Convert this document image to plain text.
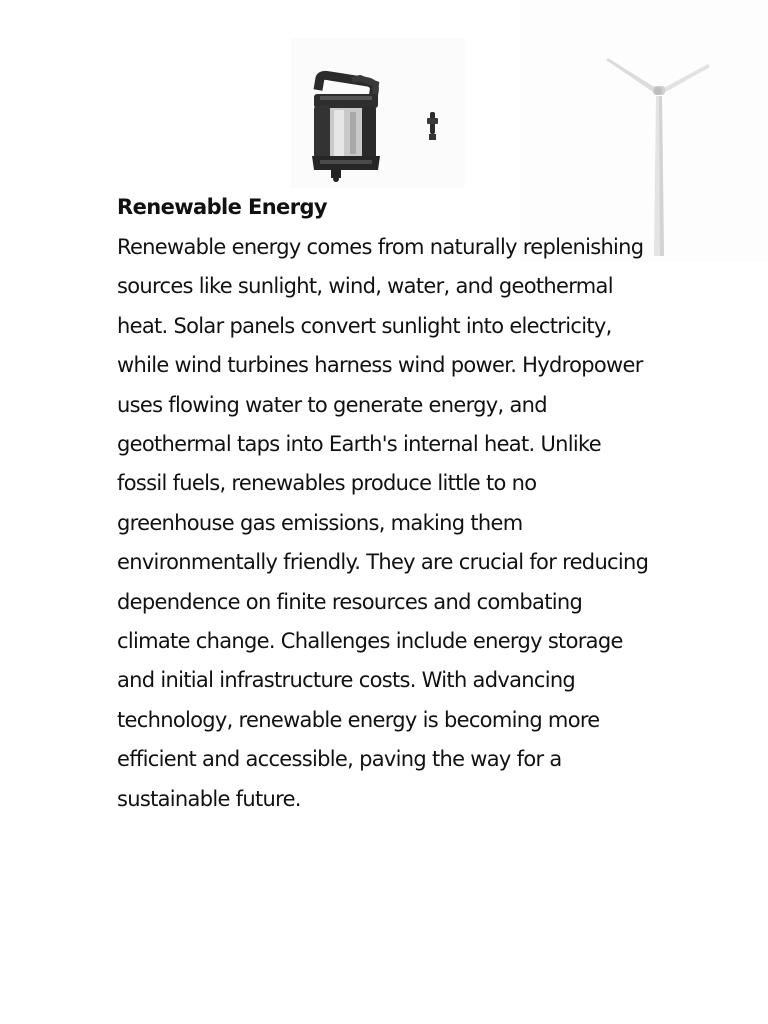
Renewable Energy

Renewable energy comes from naturally replenishing
sources like sunlight, wind, water, and geothermal
heat. Solar panels convert sunlight into electricity,
while wind turbines harness wind power. Hydropower
uses flowing water to generate energy, and
geothermal taps into Earth's internal heat. Unlike
fossil fuels, renewables produce little to no
greenhouse gas emissions, making them
environmentally friendly. They are crucial for reducing
dependence on finite resources and combating
climate change. Challenges include energy storage
and initial infrastructure costs. With advancing
technology, renewable energy is becoming more
efficient and accessible, paving the way for a
sustainable future.
